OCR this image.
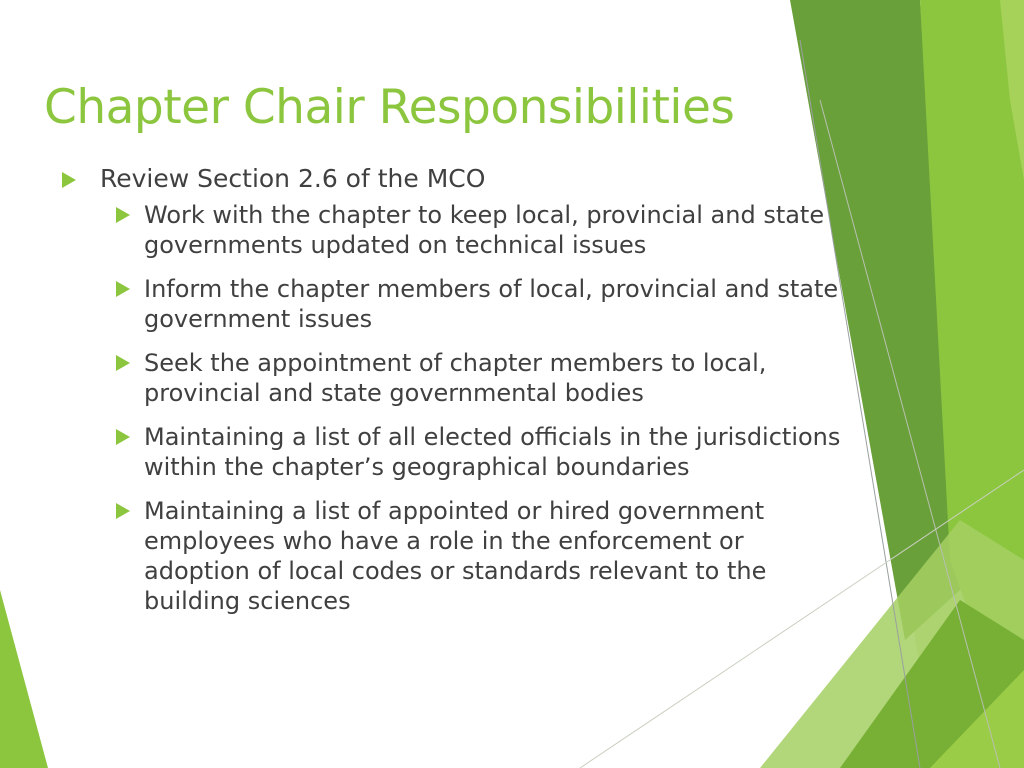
Chapter Chair Responsibilities
Review Section 2.6 of the MCO
Work with the chapter to keep local, provincial and state governments updated on technical issues
Inform the chapter members of local, provincial and state government issues
Seek the appointment of chapter members to local, provincial and state governmental bodies
Maintaining a list of all elected officials in the jurisdictions within the chapter’s geographical boundaries
Maintaining a list of appointed or hired government employees who have a role in the enforcement or adoption of local codes or standards relevant to the building sciences
